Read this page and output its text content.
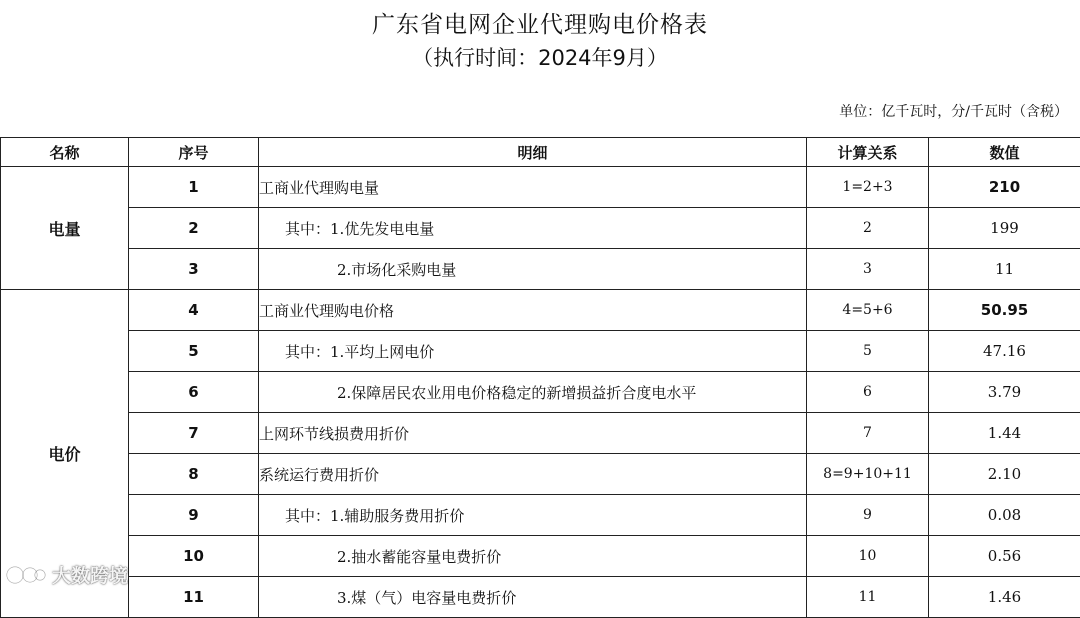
广东省电网企业代理购电价格表
（执行时间：2024年9月）
单位：亿千瓦时，分/千瓦时（含税）
名称	序号	明细	计算关系	数值
电量	1	工商业代理购电量	1=2+3	210
	2	其中：1.优先发电电量	2	199
	3	2.市场化采购电量	3	11
电价	4	工商业代理购电价格	4=5+6	50.95
	5	其中：1.平均上网电价	5	47.16
	6	2.保障居民农业用电价格稳定的新增损益折合度电水平	6	3.79
	7	上网环节线损费用折价	7	1.44
	8	系统运行费用折价	8=9+10+11	2.10
	9	其中：1.辅助服务费用折价	9	0.08
	10	2.抽水蓄能容量电费折价	10	0.56
	11	3.煤（气）电容量电费折价	11	1.46
大数跨境
